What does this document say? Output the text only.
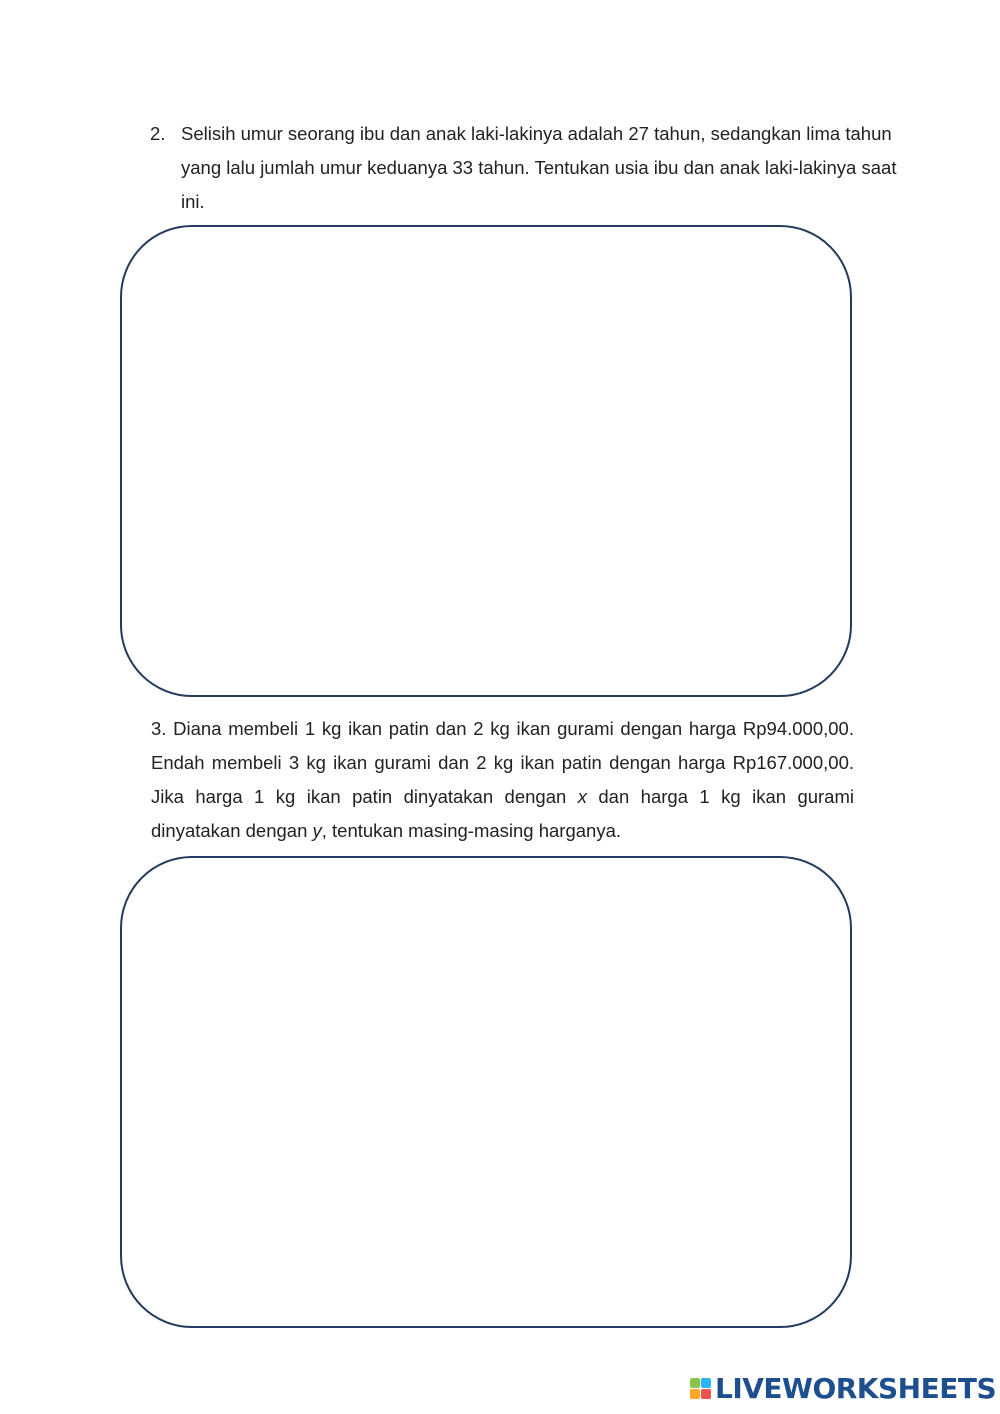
2. Selisih umur seorang ibu dan anak laki-lakinya adalah 27 tahun, sedangkan lima tahun yang lalu jumlah umur keduanya 33 tahun. Tentukan usia ibu dan anak laki-lakinya saat ini.
3. Diana membeli 1 kg ikan patin dan 2 kg ikan gurami dengan harga Rp94.000,00. Endah membeli 3 kg ikan gurami dan 2 kg ikan patin dengan harga Rp167.000,00. Jika harga 1 kg ikan patin dinyatakan dengan x dan harga 1 kg ikan gurami dinyatakan dengan y, tentukan masing-masing harganya.
LIVEWORKSHEETS
